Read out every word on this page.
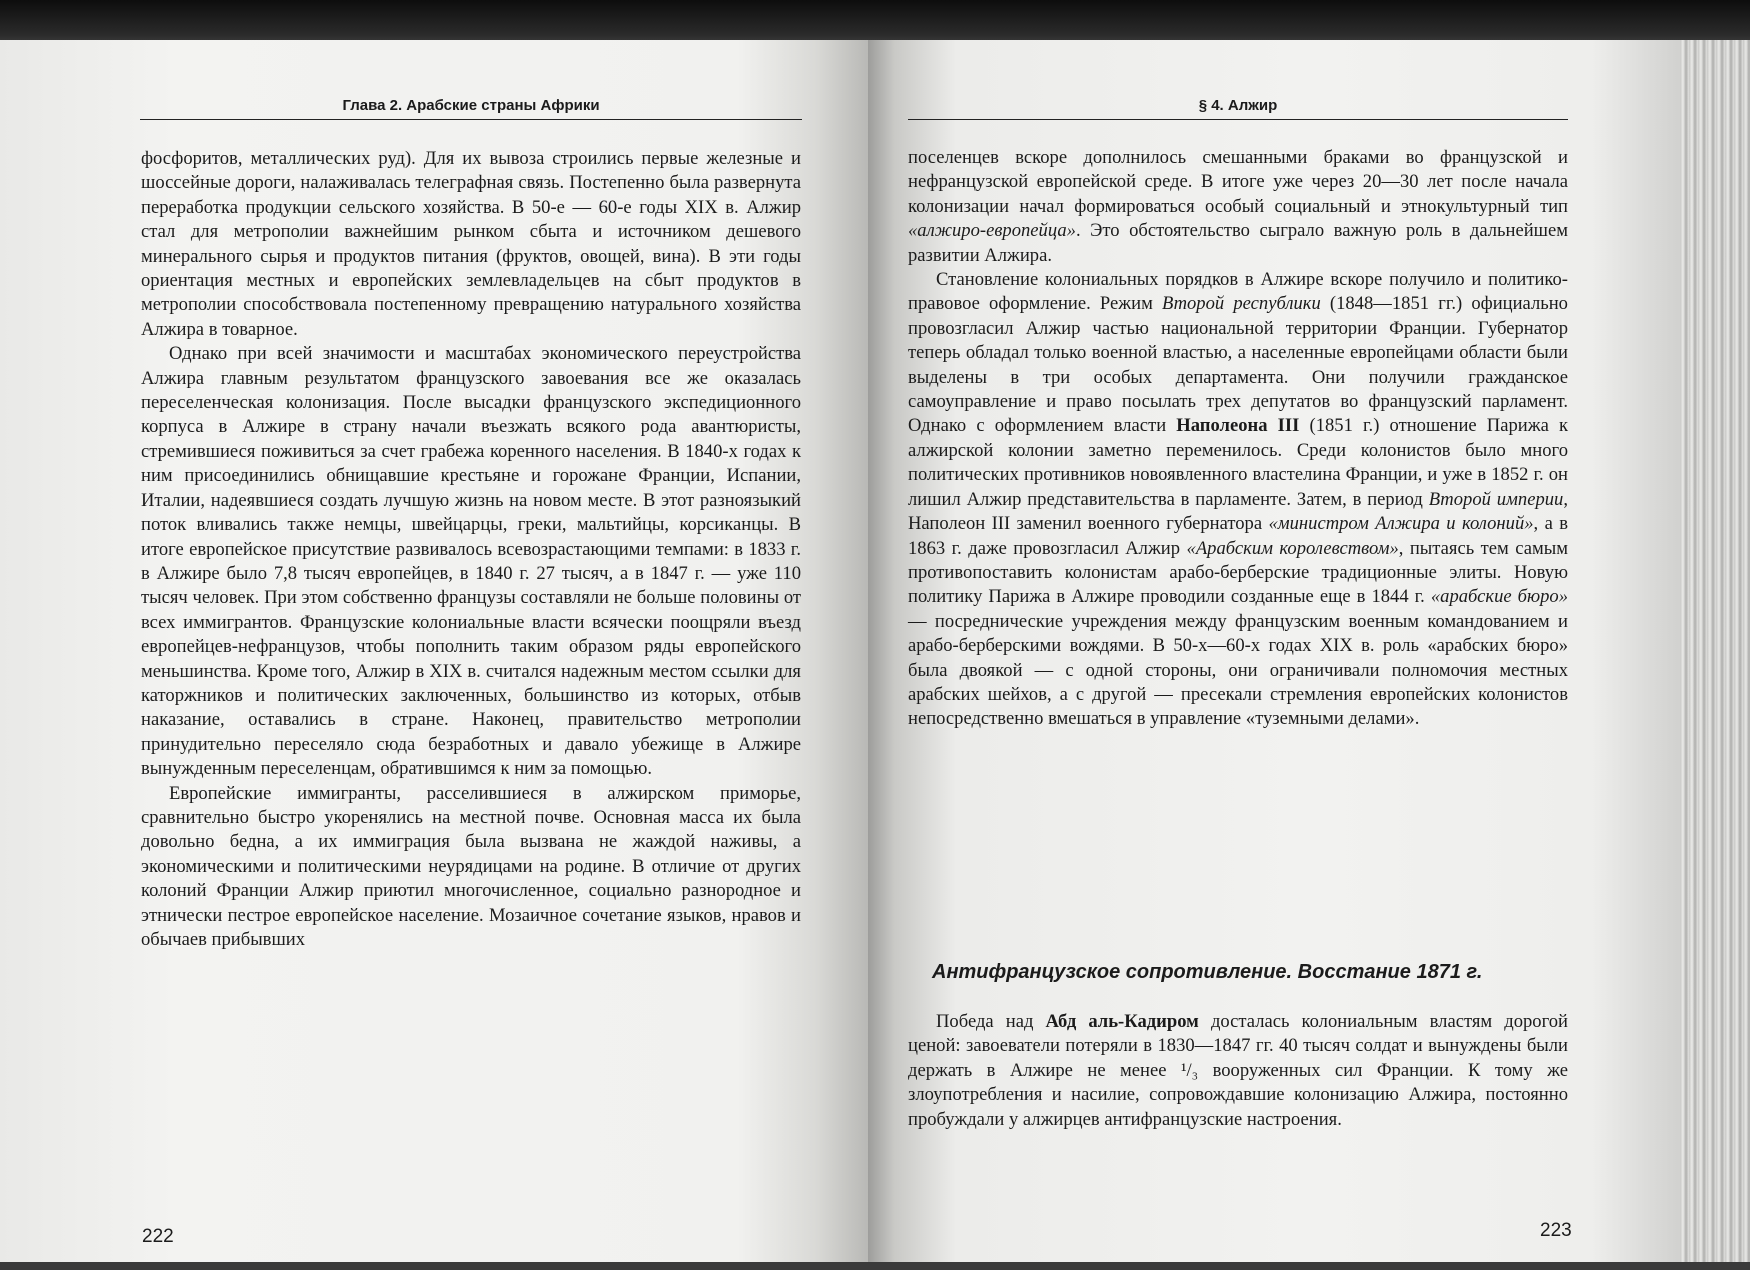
Глава 2. Арабские страны Африки

фосфоритов, металлических руд). Для их вывоза строились первые железные и шоссейные дороги, налаживалась телеграфная связь. Постепенно была развернута переработка продукции сельского хозяйства. В 50-е — 60-е годы XIX в. Алжир стал для метрополии важнейшим рынком сбыта и источником дешевого минерального сырья и продуктов питания (фруктов, овощей, вина). В эти годы ориентация местных и европейских землевладельцев на сбыт продуктов в метрополии способствовала постепенному превращению натурального хозяйства Алжира в товарное.

Однако при всей значимости и масштабах экономического переустройства Алжира главным результатом французского завоевания все же оказалась переселенческая колонизация. После высадки французского экспедиционного корпуса в Алжире в страну начали въезжать всякого рода авантюристы, стремившиеся поживиться за счет грабежа коренного населения. В 1840-х годах к ним присоединились обнищавшие крестьяне и горожане Франции, Испании, Италии, надеявшиеся создать лучшую жизнь на новом месте. В этот разноязыкий поток вливались также немцы, швейцарцы, греки, мальтийцы, корсиканцы. В итоге европейское присутствие развивалось всевозрастающими темпами: в 1833 г. в Алжире было 7,8 тысяч европейцев, в 1840 г. 27 тысяч, а в 1847 г. — уже 110 тысяч человек. При этом собственно французы составляли не больше половины от всех иммигрантов. Французские колониальные власти всячески поощряли въезд европейцев-нефранцузов, чтобы пополнить таким образом ряды европейского меньшинства. Кроме того, Алжир в XIX в. считался надежным местом ссылки для каторжников и политических заключенных, большинство из которых, отбыв наказание, оставались в стране. Наконец, правительство метрополии принудительно переселяло сюда безработных и давало убежище в Алжире вынужденным переселенцам, обратившимся к ним за помощью.

Европейские иммигранты, расселившиеся в алжирском приморье, сравнительно быстро укоренялись на местной почве. Основная масса их была довольно бедна, а их иммиграция была вызвана не жаждой наживы, а экономическими и политическими неурядицами на родине. В отличие от других колоний Франции Алжир приютил многочисленное, социально разнородное и этнически пестрое европейское население. Мозаичное сочетание языков, нравов и обычаев прибывших

222
§ 4. Алжир

поселенцев вскоре дополнилось смешанными браками во французской и нефранцузской европейской среде. В итоге уже через 20—30 лет после начала колонизации начал формироваться особый социальный и этнокультурный тип «алжиро-европейца». Это обстоятельство сыграло важную роль в дальнейшем развитии Алжира.

Становление колониальных порядков в Алжире вскоре получило и политико-правовое оформление. Режим Второй республики (1848—1851 гг.) официально провозгласил Алжир частью национальной территории Франции. Губернатор теперь обладал только военной властью, а населенные европейцами области были выделены в три особых департамента. Они получили гражданское самоуправление и право посылать трех депутатов во французский парламент. Однако с оформлением власти Наполеона III (1851 г.) отношение Парижа к алжирской колонии заметно переменилось. Среди колонистов было много политических противников новоявленного властелина Франции, и уже в 1852 г. он лишил Алжир представительства в парламенте. Затем, в период Второй империи, Наполеон III заменил военного губернатора «министром Алжира и колоний», а в 1863 г. даже провозгласил Алжир «Арабским королевством», пытаясь тем самым противопоставить колонистам арабо-берберские традиционные элиты. Новую политику Парижа в Алжире проводили созданные еще в 1844 г. «арабские бюро» — посреднические учреждения между французским военным командованием и арабо-берберскими вождями. В 50-х—60-х годах XIX в. роль «арабских бюро» была двоякой — с одной стороны, они ограничивали полномочия местных арабских шейхов, а с другой — пресекали стремления европейских колонистов непосредственно вмешаться в управление «туземными делами».

Антифранцузское сопротивление. Восстание 1871 г.

Победа над Абд аль-Кадиром досталась колониальным властям дорогой ценой: завоеватели потеряли в 1830—1847 гг. 40 тысяч солдат и вынуждены были держать в Алжире не менее ¹/₃ вооруженных сил Франции. К тому же злоупотребления и насилие, сопровождавшие колонизацию Алжира, постоянно пробуждали у алжирцев антифранцузские настроения.

223
